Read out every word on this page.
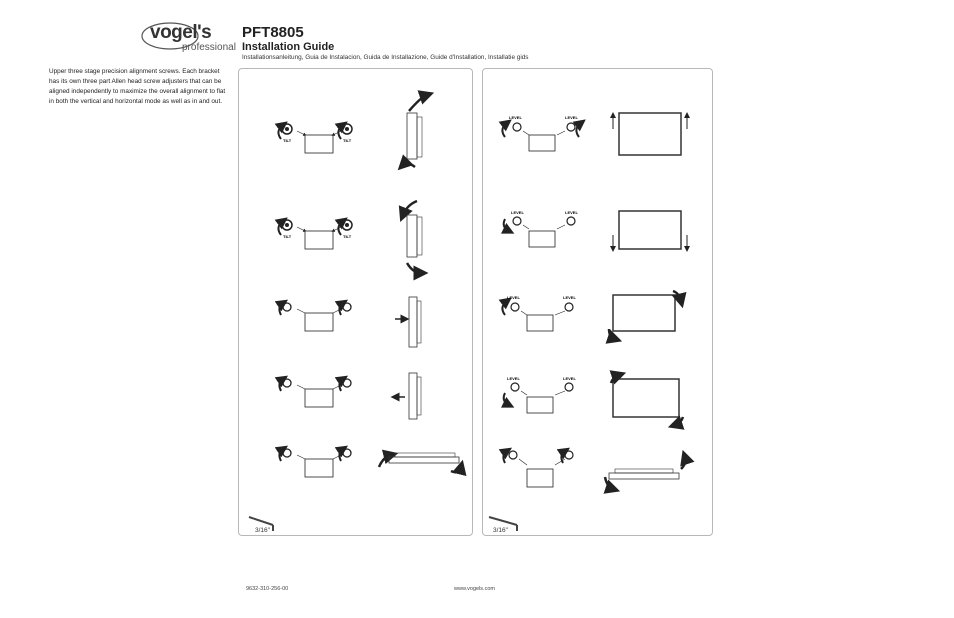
vogel's
professional
PFT8805
Installation Guide
Installationsanleitung, Guia de Instalacion, Guida de Installazione, Guide d'Installation, Installatie gids
Upper three stage precision alignment screws. Each bracket has its own three part Allen head screw adjusters that can be aligned independently to maximize the overall alignment to flat in both the vertical and horizontal mode as well as in and out.
TILT	TILT
TILT	TILT
3/16"
LEVEL	LEVEL
LEVEL	LEVEL
LEVEL	LEVEL
LEVEL	LEVEL
3/16"
9632-310-256-00	www.vogels.com
